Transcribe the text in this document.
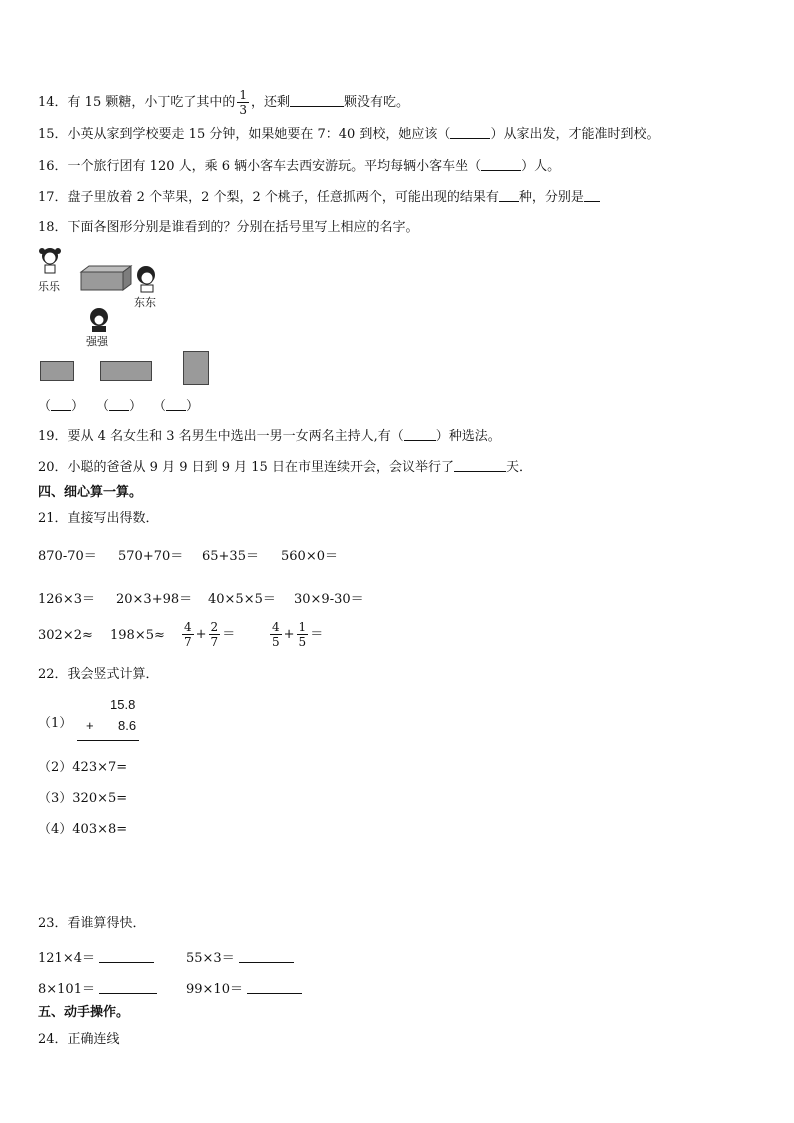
14．有 15 颗糖，小丁吃了其中的 $\frac{1}{3}$ ，还剩	颗没有吃。
15．小英从家到学校要走 15 分钟，如果她要在 7：40 到校，她应该（	）从家出发，才能准时到校。
16．一个旅行团有 120 人，乘 6 辆小客车去西安游玩。平均每辆小客车坐（	）人。
17．盘子里放着 2 个苹果，2 个梨，2 个桃子，任意抓两个，可能出现的结果有 种，分别是
18．下面各图形分别是谁看到的？分别在括号里写上相应的名字。
乐乐
东东
强强
（ ） （ ） （ ）
19．要从 4 名女生和 3 名男生中选出一男一女两名主持人,有（ ）种选法。
20．小聪的爸爸从 9 月 9 日到 9 月 15 日在市里连续开会，会议举行了	天．
四、细心算一算。
21．直接写出得数．
870-70＝ 570+70＝ 65+35＝ 560×0＝
126×3＝ 20×3+98＝ 40×5×5＝ 30×9-30＝
$302\times 2\approx 198\times 5\approx \frac{4}{7} + \frac{2}{7}$ ＝	$\frac{4}{5} + \frac{1}{5}$ ＝
22．我会竖式计算．
（1）
15.8
+ 8.6
（2）423×7=
（3）320×5=
（4）403×8=
23．看谁算得快．
121×4＝	55×3＝
8×101＝	99×10＝
五、动手操作。
24．正确连线
